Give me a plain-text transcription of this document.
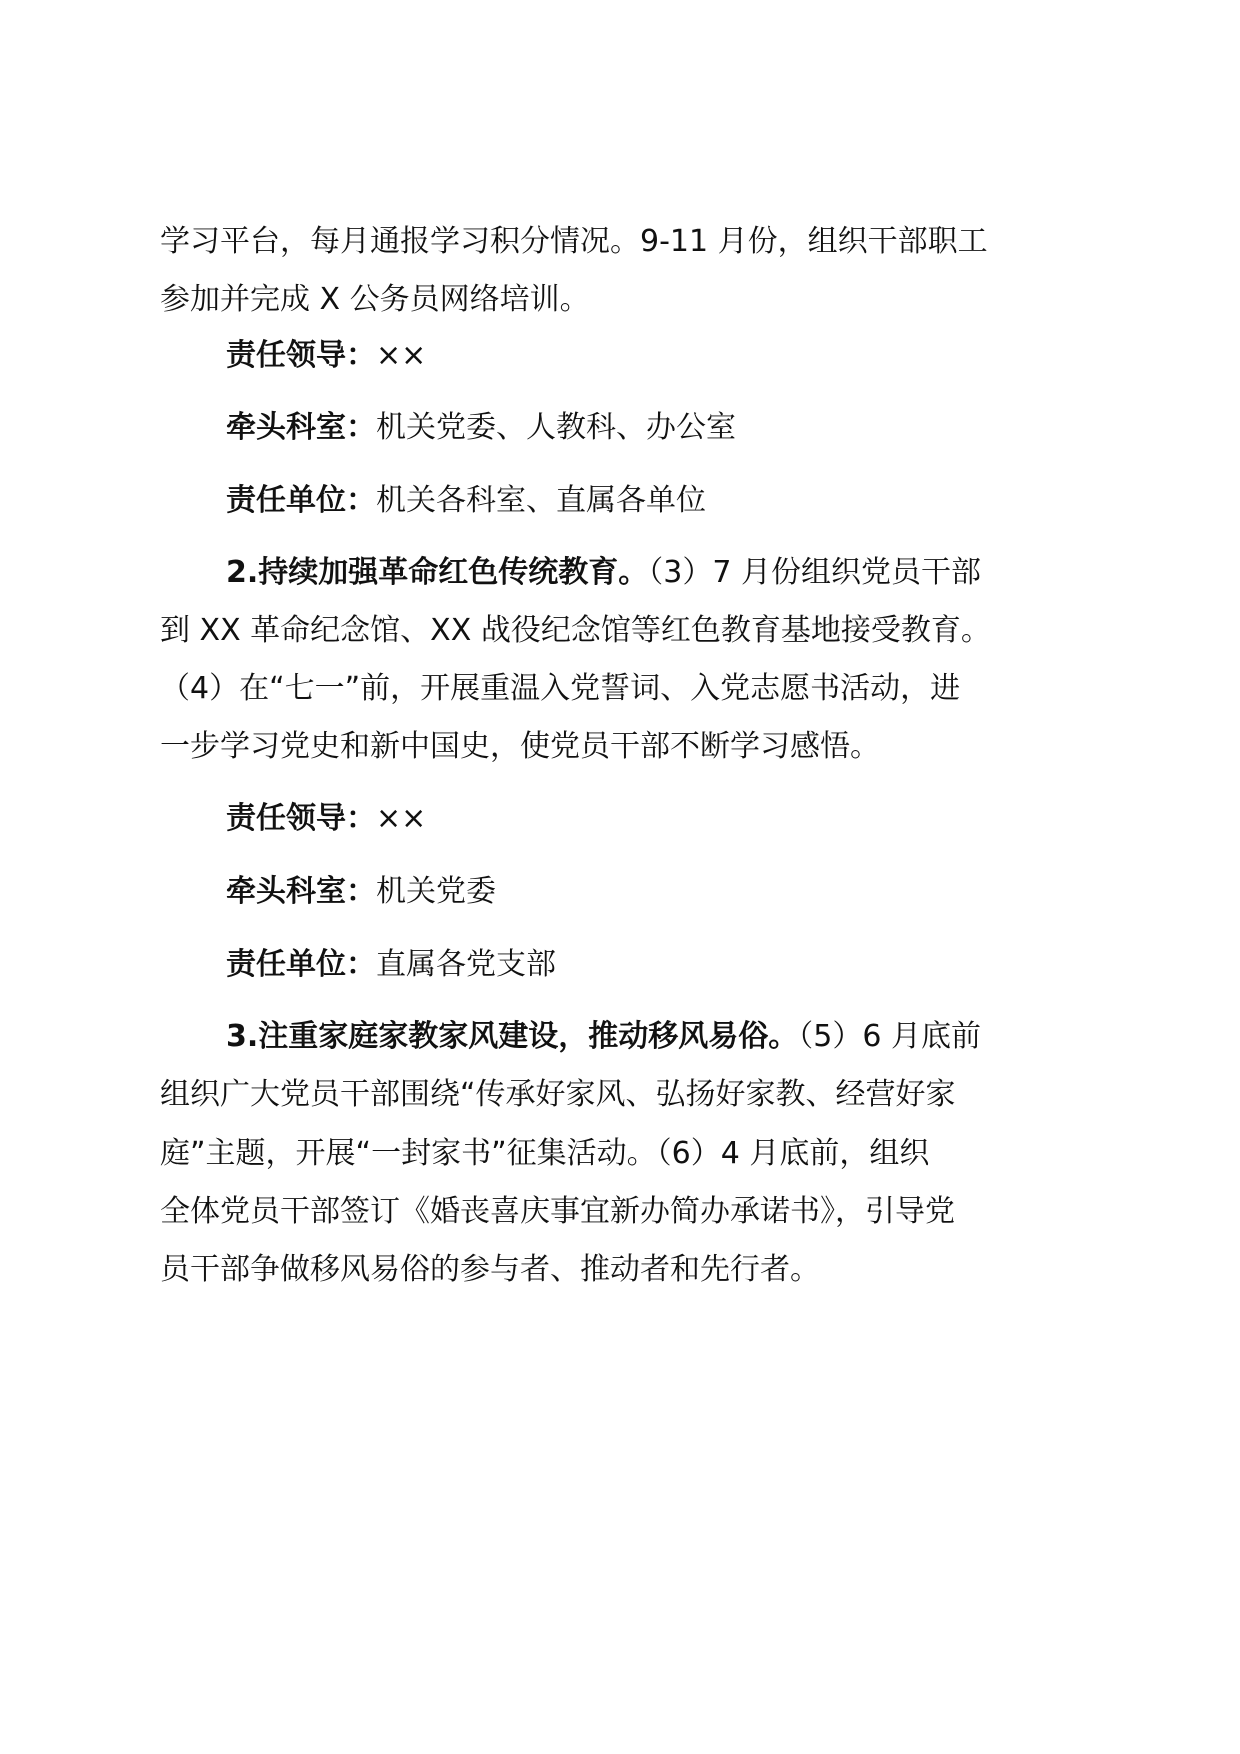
学习平台，每月通报学习积分情况。9-11 月份，组织干部职工
参加并完成 X 公务员网络培训。
责任领导：××
牵头科室：机关党委、人教科、办公室
责任单位：机关各科室、直属各单位
2.持续加强革命红色传统教育。（3）7 月份组织党员干部
到 XX 革命纪念馆、XX 战役纪念馆等红色教育基地接受教育。
（4）在“七一”前，开展重温入党誓词、入党志愿书活动，进
一步学习党史和新中国史，使党员干部不断学习感悟。
责任领导：××
牵头科室：机关党委
责任单位：直属各党支部
3.注重家庭家教家风建设，推动移风易俗。（5）6 月底前
组织广大党员干部围绕“传承好家风、弘扬好家教、经营好家
庭”主题，开展“一封家书”征集活动。（6）4 月底前，组织
全体党员干部签订《婚丧喜庆事宜新办简办承诺书》，引导党
员干部争做移风易俗的参与者、推动者和先行者。
